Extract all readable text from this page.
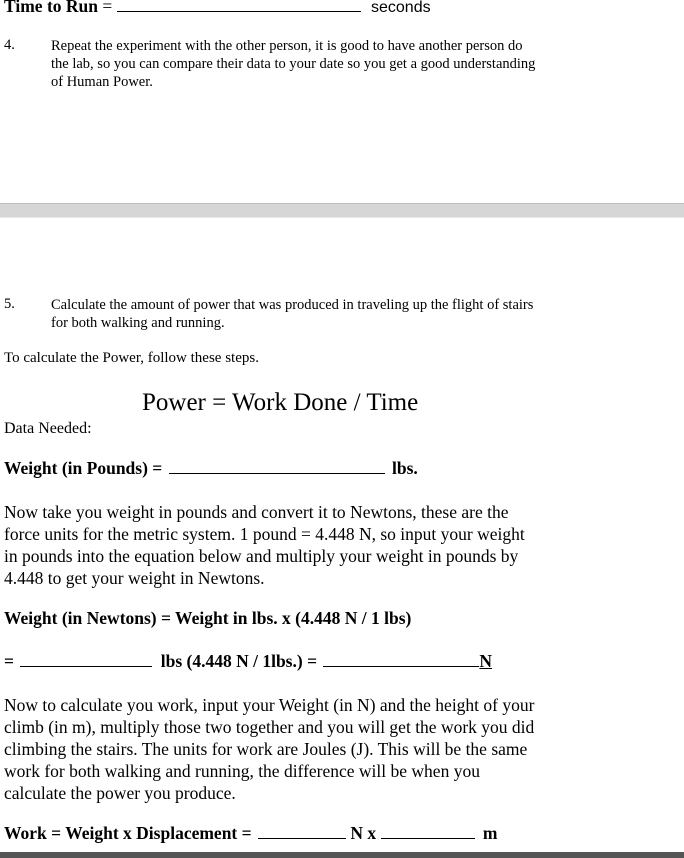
Time to Run =	seconds
4. Repeat the experiment with the other person, it is good to have another person do
the lab, so you can compare their data to your date so you get a good understanding
of Human Power.
5. Calculate the amount of power that was produced in traveling up the flight of stairs
for both walking and running.
To calculate the Power, follow these steps.
Power = Work Done / Time
Data Needed:
Weight (in Pounds) =	lbs.
Now take you weight in pounds and convert it to Newtons, these are the
force units for the metric system. 1 pound = 4.448 N, so input your weight
in pounds into the equation below and multiply your weight in pounds by
4.448 to get your weight in Newtons.
Weight (in Newtons) = Weight in lbs. x (4.448 N / 1 lbs)
=	lbs (4.448 N / 1lbs.) =	N
Now to calculate you work, input your Weight (in N) and the height of your
climb (in m), multiply those two together and you will get the work you did
climbing the stairs. The units for work are Joules (J). This will be the same
work for both walking and running, the difference will be when you
calculate the power you produce.
Work = Weight x Displacement =	N x	m
